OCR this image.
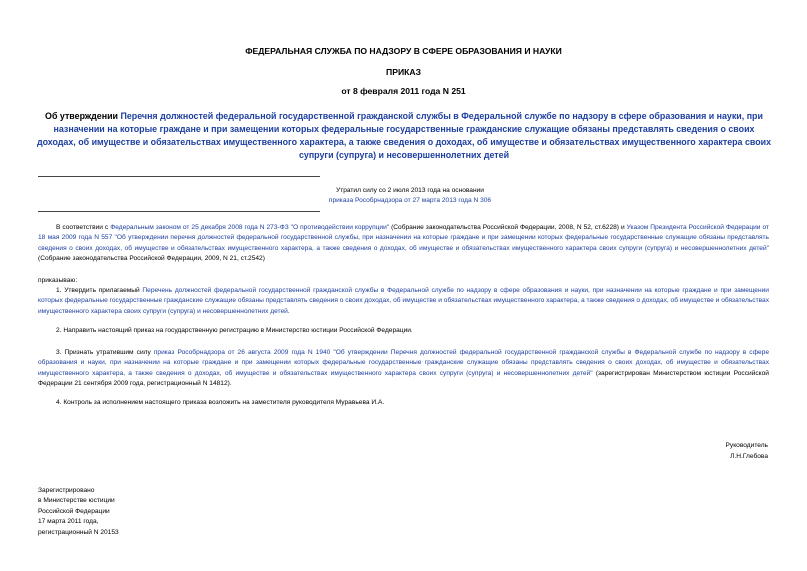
ФЕДЕРАЛЬНАЯ СЛУЖБА ПО НАДЗОРУ В СФЕРЕ ОБРАЗОВАНИЯ И НАУКИ
ПРИКАЗ
от 8 февраля 2011 года N 251
Об утверждении Перечня должностей федеральной государственной гражданской службы в Федеральной службе по надзору в сфере образования и науки, при назначении на которые граждане и при замещении которых федеральные государственные гражданские служащие обязаны представлять сведения о своих доходах, об имуществе и обязательствах имущественного характера, а также сведения о доходах, об имуществе и обязательствах имущественного характера своих супруги (супруга) и несовершеннолетних детей
Утратил силу со 2 июля 2013 года на основании
приказа Рособрнадзора от 27 марта 2013 года N 306
В соответствии с Федеральным законом от 25 декабря 2008 года N 273-ФЗ "О противодействии коррупции" (Собрание законодательства Российской Федерации, 2008, N 52, ст.6228) и Указом Президента Российской Федерации от 18 мая 2009 года N 557 "Об утверждении перечня должностей федеральной государственной службы, при назначении на которые граждане и при замещении которых федеральные государственные служащие обязаны представлять сведения о своих доходах, об имуществе и обязательствах имущественного характера, а также сведения о доходах, об имуществе и обязательствах имущественного характера своих супруги (супруга) и несовершеннолетних детей" (Собрание законодательства Российской Федерации, 2009, N 21, ст.2542)
приказываю:
1. Утвердить прилагаемый Перечень должностей федеральной государственной гражданской службы в Федеральной службе по надзору в сфере образования и науки, при назначении на которые граждане и при замещении которых федеральные государственные гражданские служащие обязаны представлять сведения о своих доходах, об имуществе и обязательствах имущественного характера, а также сведения о доходах, об имуществе и обязательствах имущественного характера своих супруги (супруга) и несовершеннолетних детей.
2. Направить настоящий приказ на государственную регистрацию в Министерство юстиции Российской Федерации.
3. Признать утратившим силу приказ Рособрнадзора от 26 августа 2009 года N 1940 "Об утверждении Перечня должностей федеральной государственной гражданской службы в Федеральной службе по надзору в сфере образования и науки, при назначении на которые граждане и при замещении которых федеральные государственные гражданские служащие обязаны представлять сведения о своих доходах, об имуществе и обязательствах имущественного характера, а также сведения о доходах, об имуществе и обязательствах имущественного характера своих супруги (супруга) и несовершеннолетних детей" (зарегистрирован Министерством юстиции Российской Федерации 21 сентября 2009 года, регистрационный N 14812).
4. Контроль за исполнением настоящего приказа возложить на заместителя руководителя Муравьева И.А.
Руководитель
Л.Н.Глебова
Зарегистрировано
в Министерстве юстиции
Российской Федерации
17 марта 2011 года,
регистрационный N 20153
